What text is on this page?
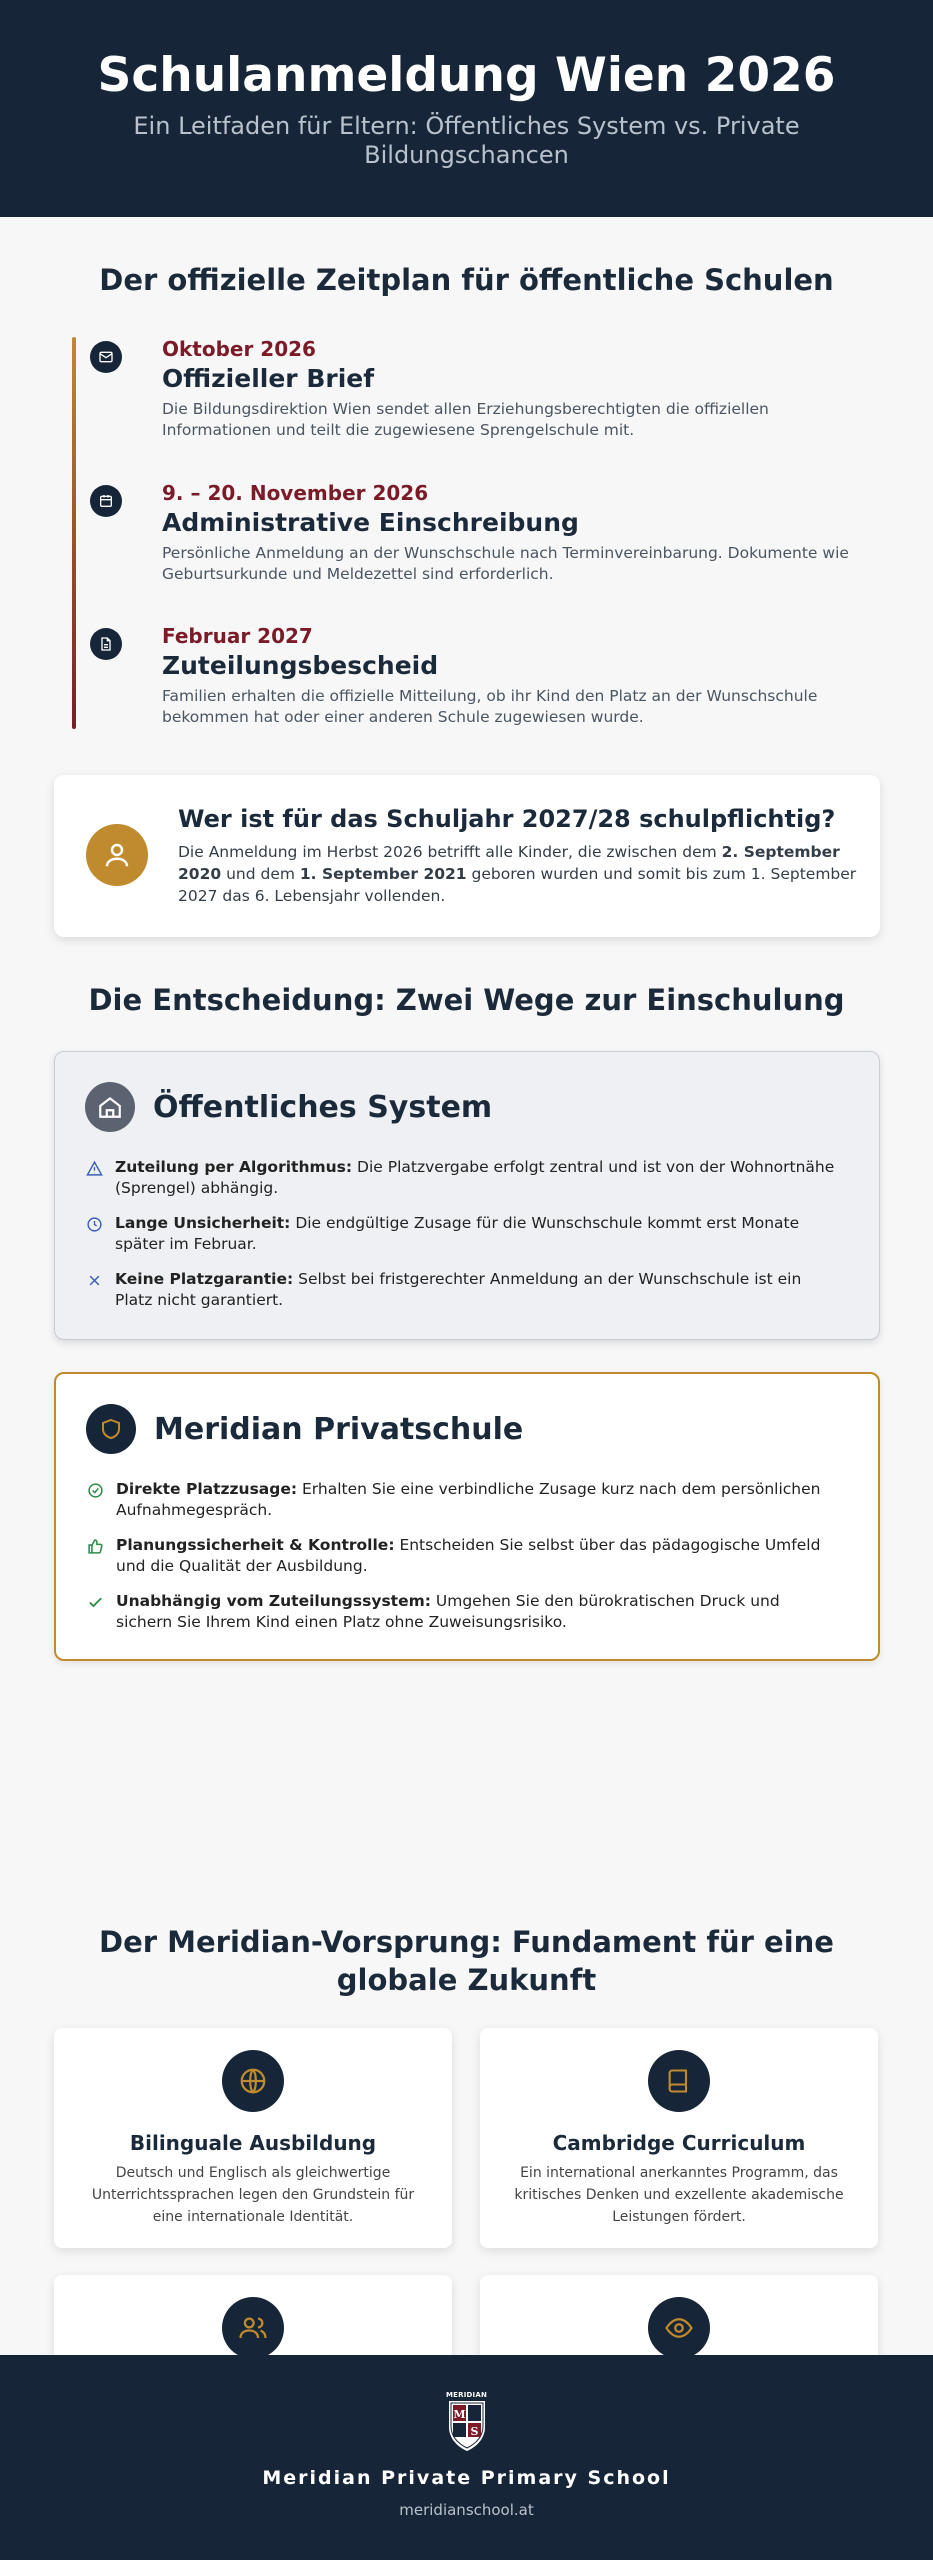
Schulanmeldung Wien 2026

Ein Leitfaden für Eltern: Öffentliches System vs. Private Bildungschancen

Der offizielle Zeitplan für öffentliche Schulen
Oktober 2026
Offizieller Brief
Die Bildungsdirektion Wien sendet allen Erziehungsberechtigten die offiziellen Informationen und teilt die zugewiesene Sprengelschule mit.
9. – 20. November 2026
Administrative Einschreibung
Persönliche Anmeldung an der Wunschschule nach Terminvereinbarung. Dokumente wie Geburtsurkunde und Meldezettel sind erforderlich.
Februar 2027
Zuteilungsbescheid
Familien erhalten die offizielle Mitteilung, ob ihr Kind den Platz an der Wunschschule bekommen hat oder einer anderen Schule zugewiesen wurde.
Wer ist für das Schuljahr 2027/28 schulpflichtig?

Die Anmeldung im Herbst 2026 betrifft alle Kinder, die zwischen dem 2. September 2020 und dem 1. September 2021 geboren wurden und somit bis zum 1. September 2027 das 6. Lebensjahr vollenden.

Die Entscheidung: Zwei Wege zur Einschulung
Öffentliches System
Zuteilung per Algorithmus: Die Platzvergabe erfolgt zentral und ist von der Wohnortnähe (Sprengel) abhängig.
Lange Unsicherheit: Die endgültige Zusage für die Wunschschule kommt erst Monate später im Februar.
Keine Platzgarantie: Selbst bei fristgerechter Anmeldung an der Wunschschule ist ein Platz nicht garantiert.
Meridian Privatschule
Direkte Platzzusage: Erhalten Sie eine verbindliche Zusage kurz nach dem persönlichen Aufnahmegespräch.
Planungssicherheit & Kontrolle: Entscheiden Sie selbst über das pädagogische Umfeld und die Qualität der Ausbildung.
Unabhängig vom Zuteilungssystem: Umgehen Sie den bürokratischen Druck und sichern Sie Ihrem Kind einen Platz ohne Zuweisungsrisiko.
Der Meridian-Vorsprung: Fundament für eine
globale Zukunft
Bilinguale Ausbildung

Deutsch und Englisch als gleichwertige Unterrichtssprachen legen den Grundstein für eine internationale Identität.

Cambridge Curriculum

Ein international anerkanntes Programm, das kritisches Denken und exzellente akademische Leistungen fördert.

MERIDIAN
M
S
Meridian Private Primary School
meridianschool.at
